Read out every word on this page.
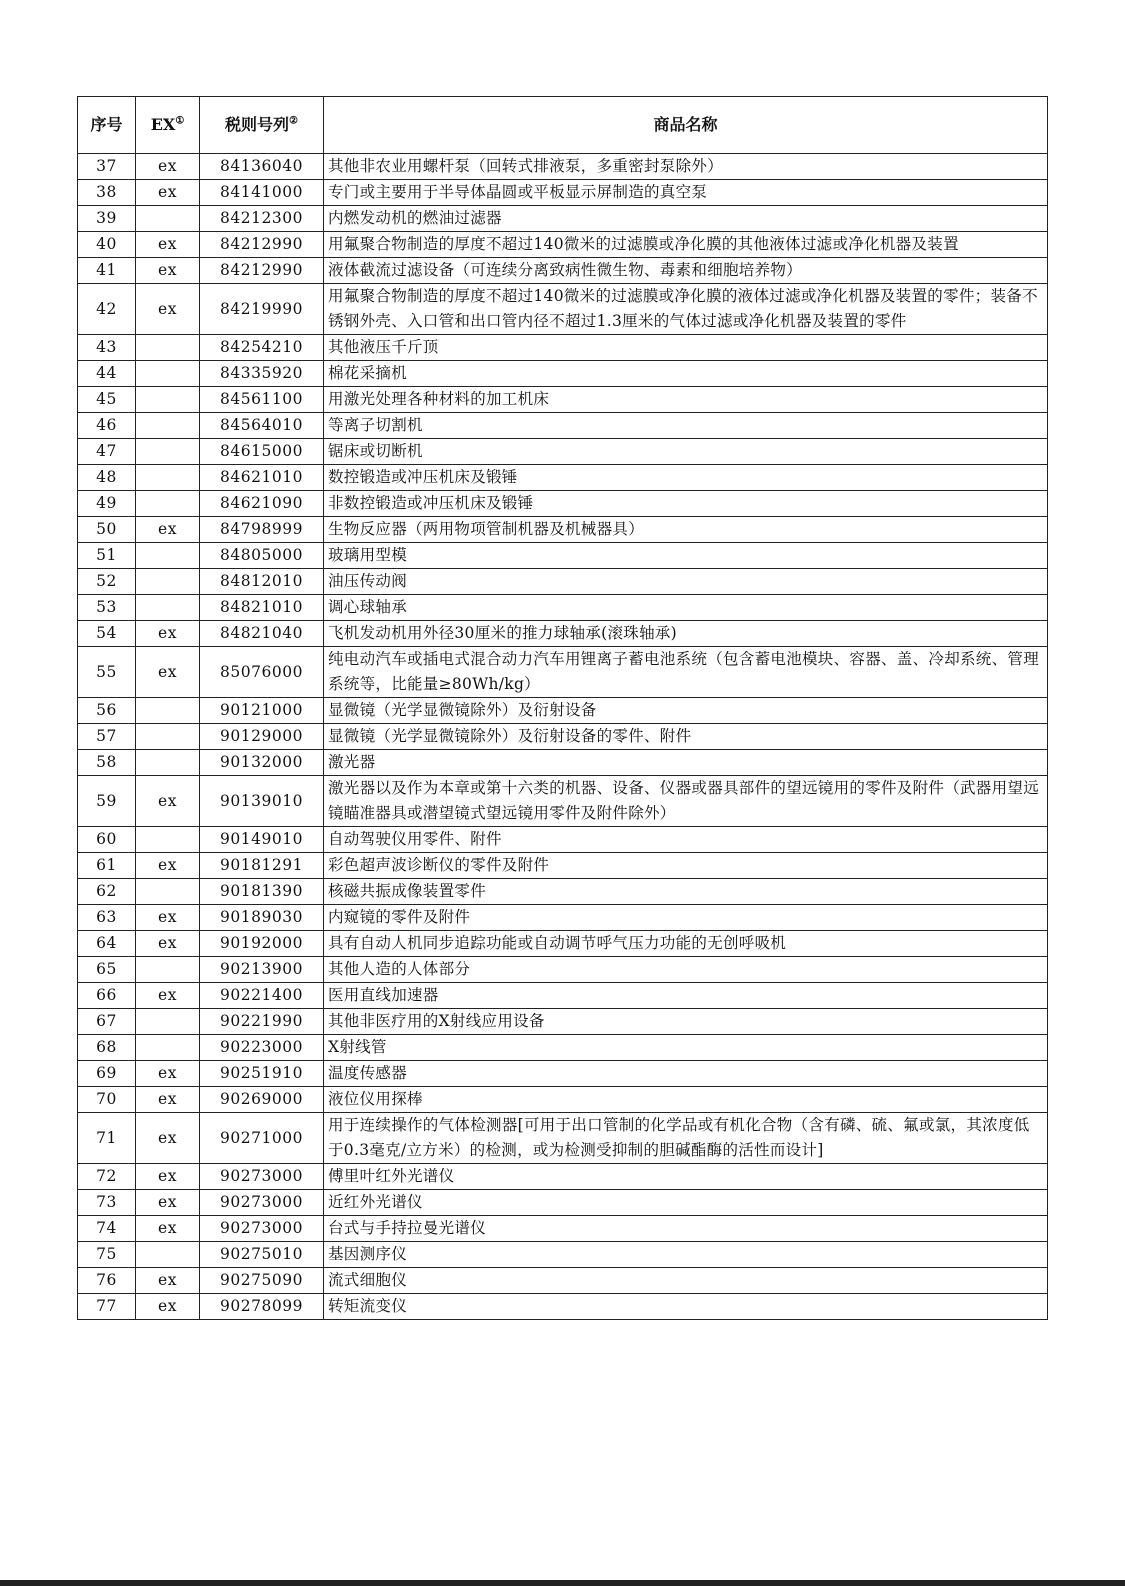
序号	EX①	税则号列②	商品名称
37	ex	84136040	其他非农业用螺杆泵（回转式排液泵，多重密封泵除外）
38	ex	84141000	专门或主要用于半导体晶圆或平板显示屏制造的真空泵
39		84212300	内燃发动机的燃油过滤器
40	ex	84212990	用氟聚合物制造的厚度不超过140微米的过滤膜或净化膜的其他液体过滤或净化机器及装置
41	ex	84212990	液体截流过滤设备（可连续分离致病性微生物、毒素和细胞培养物）
42	ex	84219990	用氟聚合物制造的厚度不超过140微米的过滤膜或净化膜的液体过滤或净化机器及装置的零件；装备不锈钢外壳、入口管和出口管内径不超过1.3厘米的气体过滤或净化机器及装置的零件
43		84254210	其他液压千斤顶
44		84335920	棉花采摘机
45		84561100	用激光处理各种材料的加工机床
46		84564010	等离子切割机
47		84615000	锯床或切断机
48		84621010	数控锻造或冲压机床及锻锤
49		84621090	非数控锻造或冲压机床及锻锤
50	ex	84798999	生物反应器（两用物项管制机器及机械器具）
51		84805000	玻璃用型模
52		84812010	油压传动阀
53		84821010	调心球轴承
54	ex	84821040	飞机发动机用外径30厘米的推力球轴承(滚珠轴承)
55	ex	85076000	纯电动汽车或插电式混合动力汽车用锂离子蓄电池系统（包含蓄电池模块、容器、盖、冷却系统、管理系统等，比能量≥80Wh/kg）
56		90121000	显微镜（光学显微镜除外）及衍射设备
57		90129000	显微镜（光学显微镜除外）及衍射设备的零件、附件
58		90132000	激光器
59	ex	90139010	激光器以及作为本章或第十六类的机器、设备、仪器或器具部件的望远镜用的零件及附件（武器用望远镜瞄准器具或潜望镜式望远镜用零件及附件除外）
60		90149010	自动驾驶仪用零件、附件
61	ex	90181291	彩色超声波诊断仪的零件及附件
62		90181390	核磁共振成像装置零件
63	ex	90189030	内窥镜的零件及附件
64	ex	90192000	具有自动人机同步追踪功能或自动调节呼气压力功能的无创呼吸机
65		90213900	其他人造的人体部分
66	ex	90221400	医用直线加速器
67		90221990	其他非医疗用的X射线应用设备
68		90223000	X射线管
69	ex	90251910	温度传感器
70	ex	90269000	液位仪用探棒
71	ex	90271000	用于连续操作的气体检测器[可用于出口管制的化学品或有机化合物（含有磷、硫、氟或氯，其浓度低于0.3毫克/立方米）的检测，或为检测受抑制的胆碱酯酶的活性而设计]
72	ex	90273000	傅里叶红外光谱仪
73	ex	90273000	近红外光谱仪
74	ex	90273000	台式与手持拉曼光谱仪
75		90275010	基因测序仪
76	ex	90275090	流式细胞仪
77	ex	90278099	转矩流变仪
